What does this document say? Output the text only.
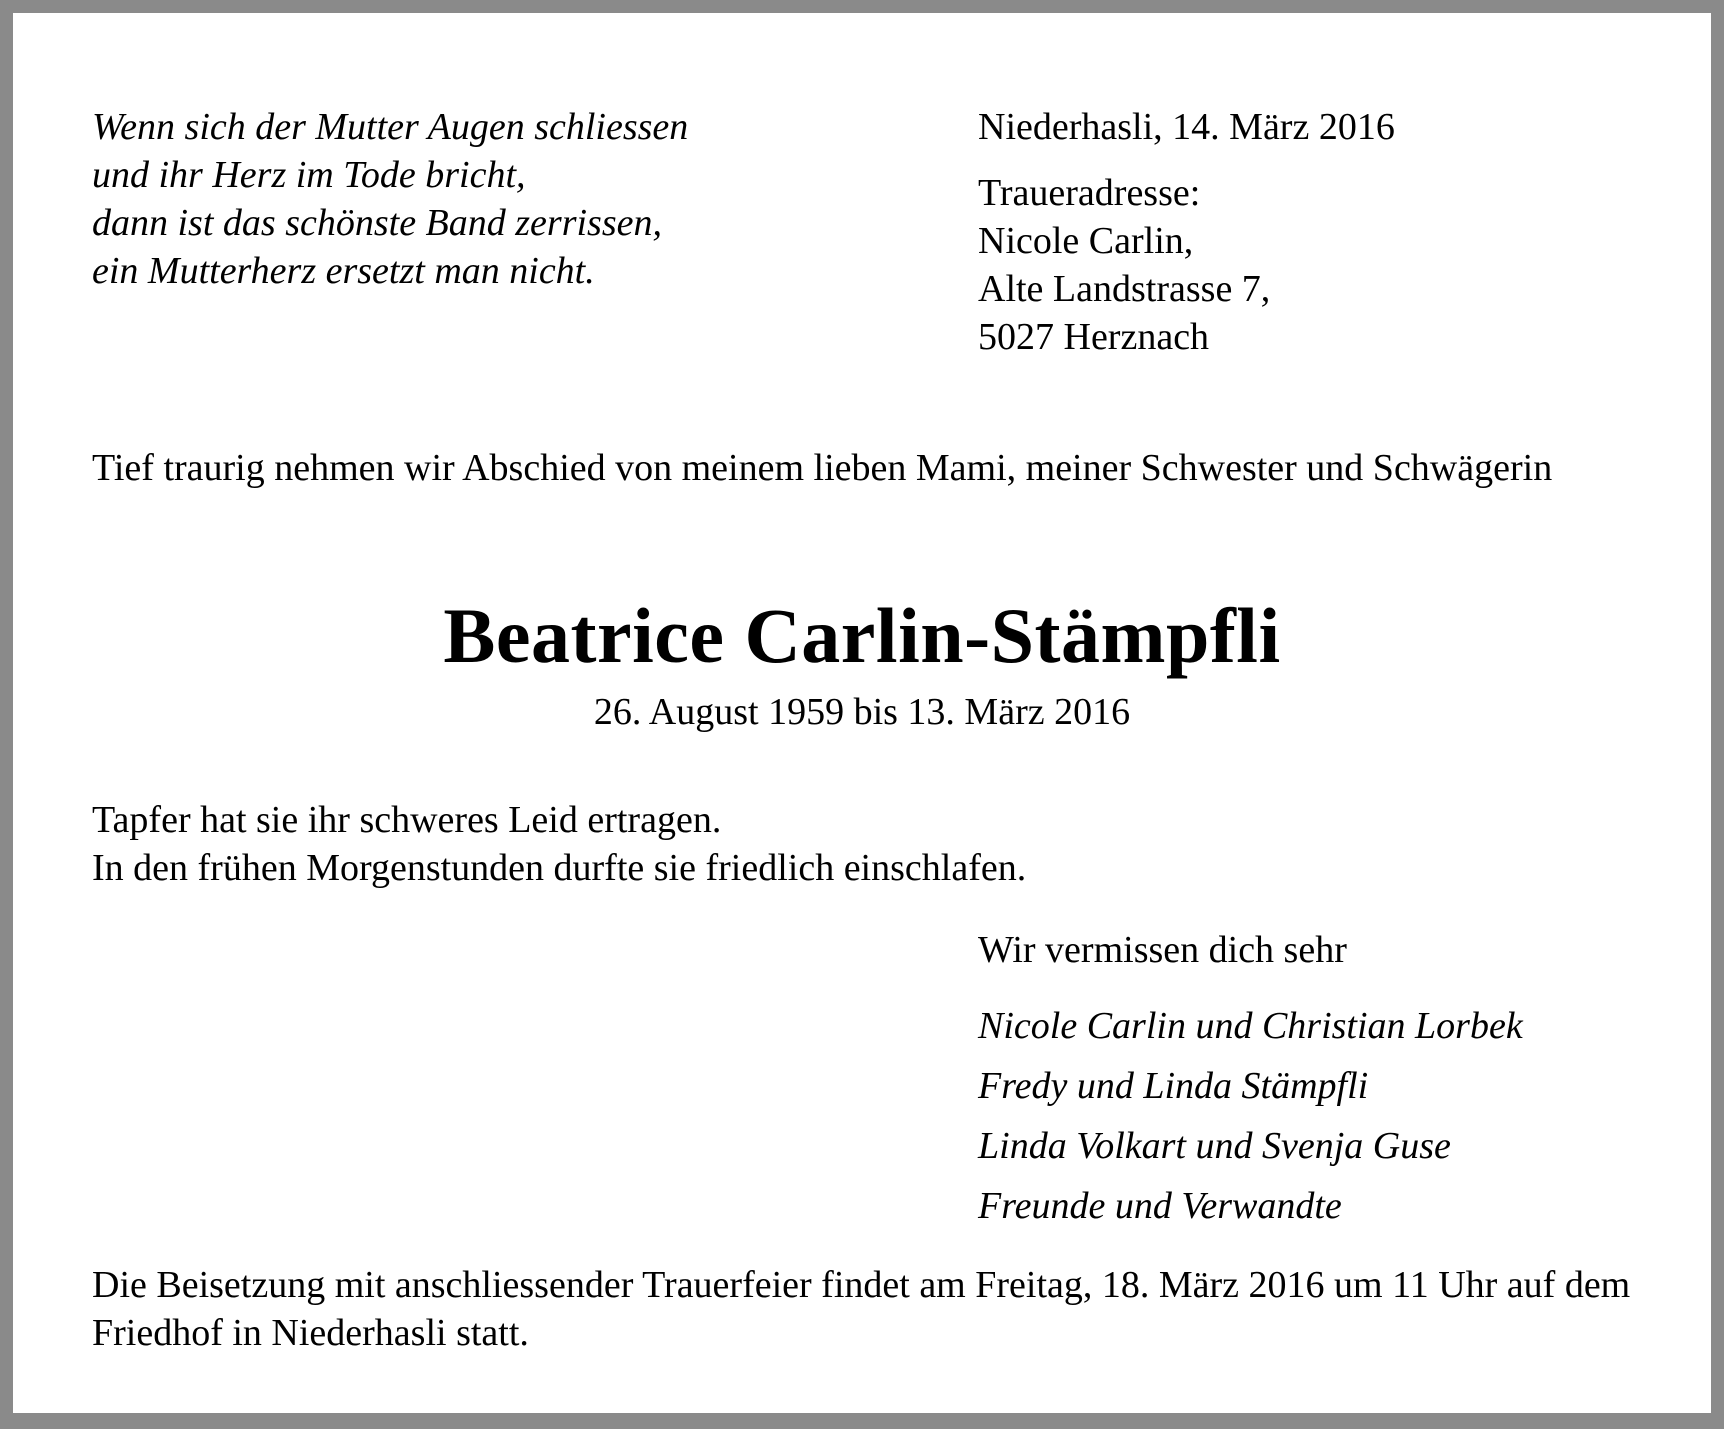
Wenn sich der Mutter Augen schliessen
und ihr Herz im Tode bricht,
dann ist das schönste Band zerrissen,
ein Mutterherz ersetzt man nicht.
Niederhasli, 14. März 2016
Traueradresse:
Nicole Carlin,
Alte Landstrasse 7,
5027 Herznach
Tief traurig nehmen wir Abschied von meinem lieben Mami, meiner Schwester und Schwägerin
Beatrice Carlin-Stämpfli
26. August 1959 bis 13. März 2016
Tapfer hat sie ihr schweres Leid ertragen.
In den frühen Morgenstunden durfte sie friedlich einschlafen.
Wir vermissen dich sehr
Nicole Carlin und Christian Lorbek
Fredy und Linda Stämpfli
Linda Volkart und Svenja Guse
Freunde und Verwandte
Die Beisetzung mit anschliessender Trauerfeier findet am Freitag, 18. März 2016 um 11 Uhr auf dem Friedhof in Niederhasli statt.
